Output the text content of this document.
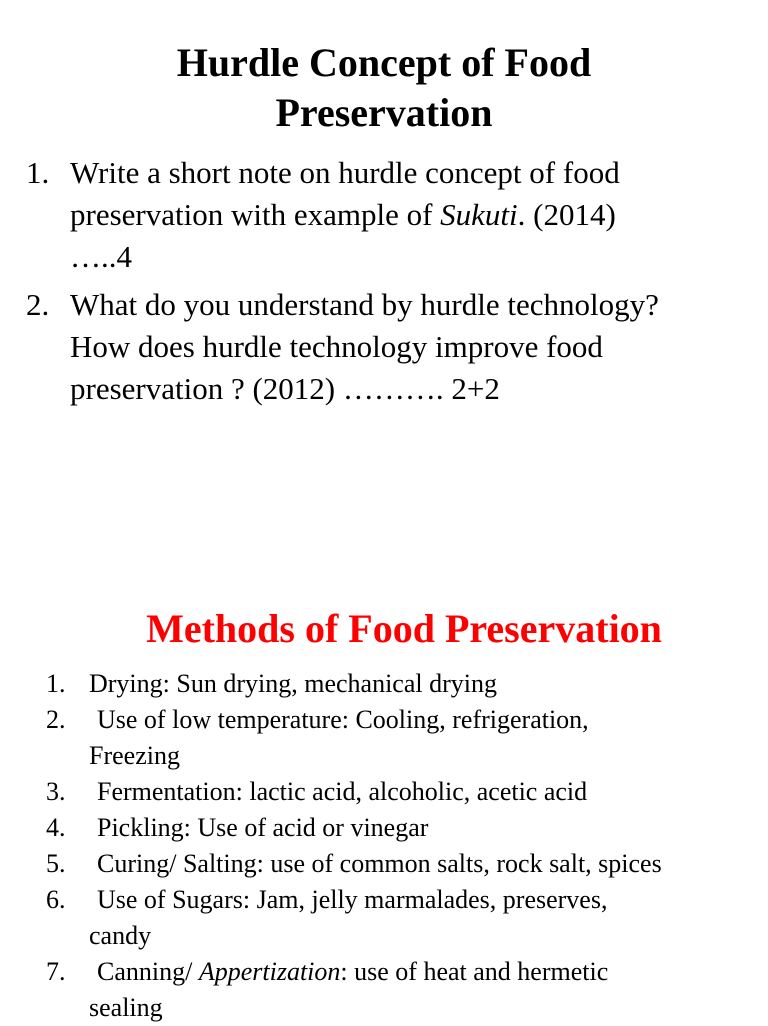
Hurdle Concept of Food
Preservation
1. Write a short note on hurdle concept of food
preservation with example of Sukuti. (2014)
…..4
2. What do you understand by hurdle technology?
How does hurdle technology improve food
preservation ? (2012) ………. 2+2
Methods of Food Preservation
1. Drying: Sun drying, mechanical drying
2.	Use of low temperature: Cooling, refrigeration,
Freezing
3.	Fermentation: lactic acid, alcoholic, acetic acid
4.	Pickling: Use of acid or vinegar
5.	Curing/ Salting: use of common salts, rock salt, spices
6.	Use of Sugars: Jam, jelly marmalades, preserves,
candy
7.	Canning/ Appertization: use of heat and hermetic
sealing
